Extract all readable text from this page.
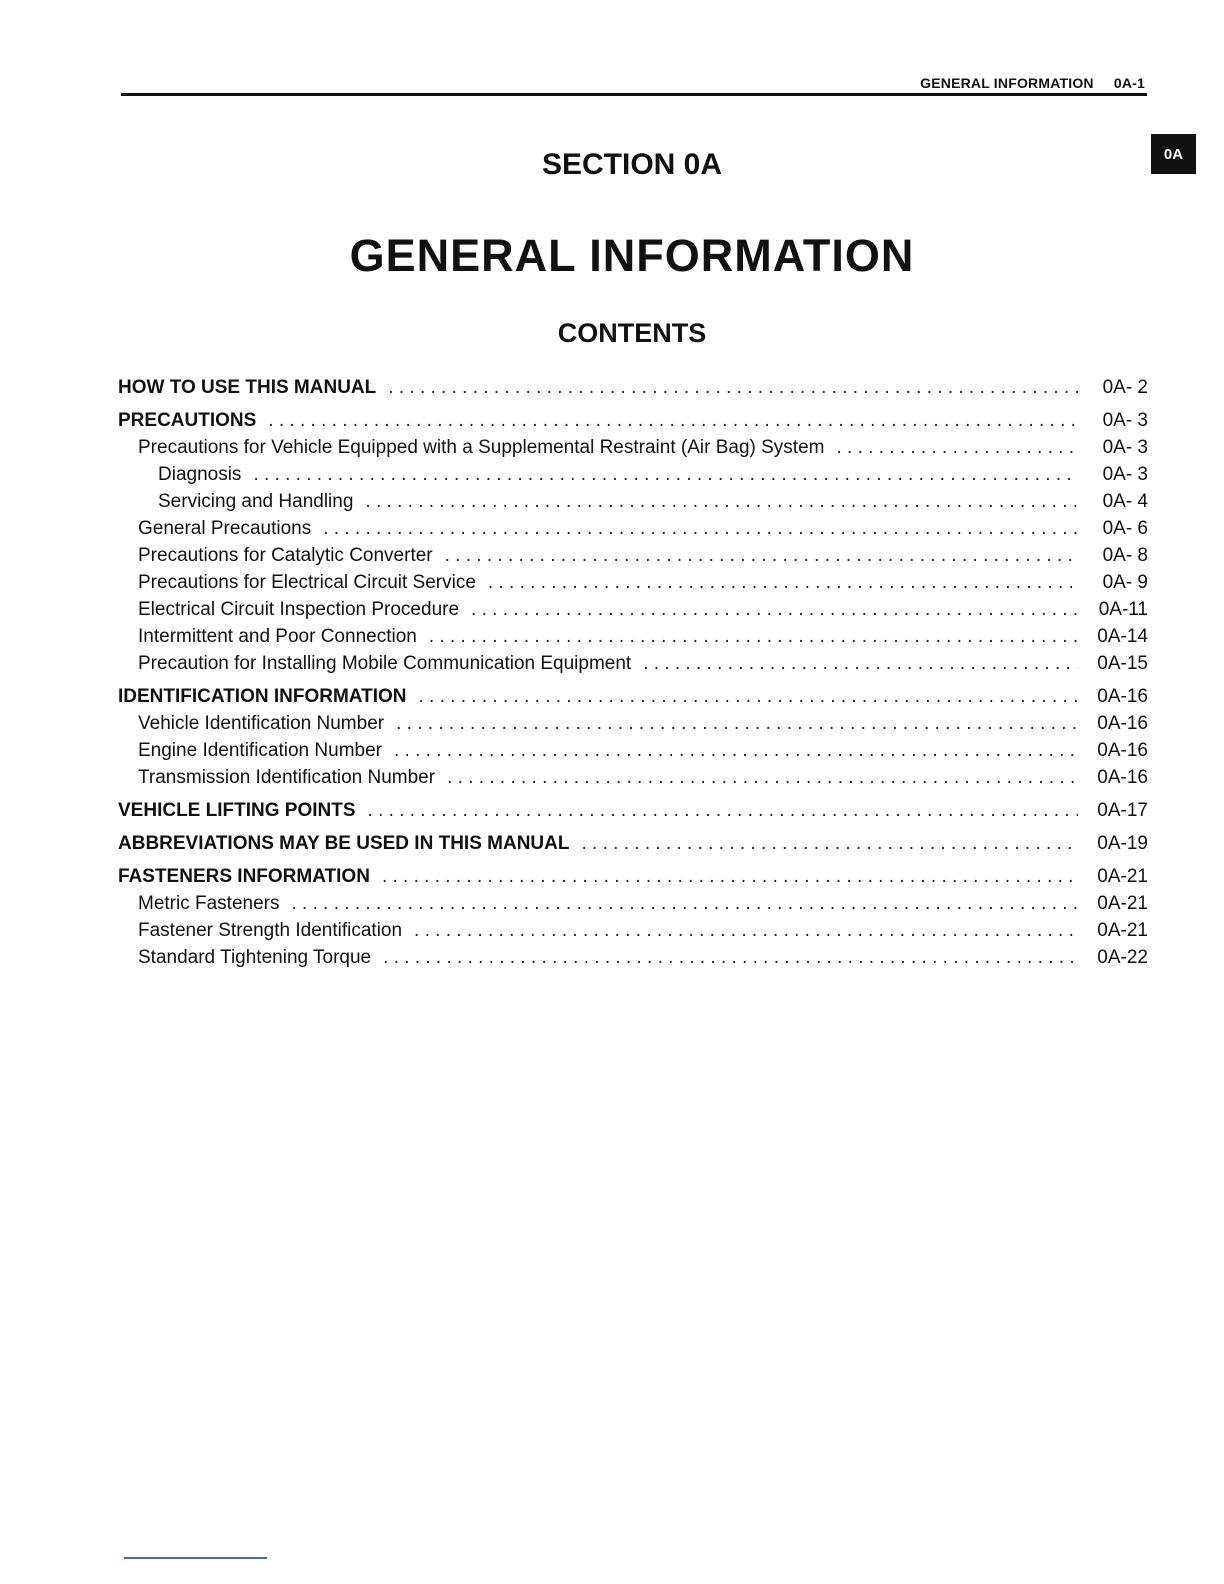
GENERAL INFORMATION 0A-1
0A
SECTION 0A
GENERAL INFORMATION
CONTENTS
HOW TO USE THIS MANUAL . . .	0A- 2
PRECAUTIONS . . .	0A- 3
Precautions for Vehicle Equipped with a Supplemental Restraint (Air Bag) System . . .	0A- 3
Diagnosis . . .	0A- 3
Servicing and Handling . . .	0A- 4
General Precautions . . .	0A- 6
Precautions for Catalytic Converter . . .	0A- 8
Precautions for Electrical Circuit Service . . .	0A- 9
Electrical Circuit Inspection Procedure . . .	0A-11
Intermittent and Poor Connection . . .	0A-14
Precaution for Installing Mobile Communication Equipment . . .	0A-15
IDENTIFICATION INFORMATION . . .	0A-16
Vehicle Identification Number . . .	0A-16
Engine Identification Number . . .	0A-16
Transmission Identification Number . . .	0A-16
VEHICLE LIFTING POINTS . . .	0A-17
ABBREVIATIONS MAY BE USED IN THIS MANUAL . . .	0A-19
FASTENERS INFORMATION . . .	0A-21
Metric Fasteners . . .	0A-21
Fastener Strength Identification . . .	0A-21
Standard Tightening Torque . . .	0A-22
